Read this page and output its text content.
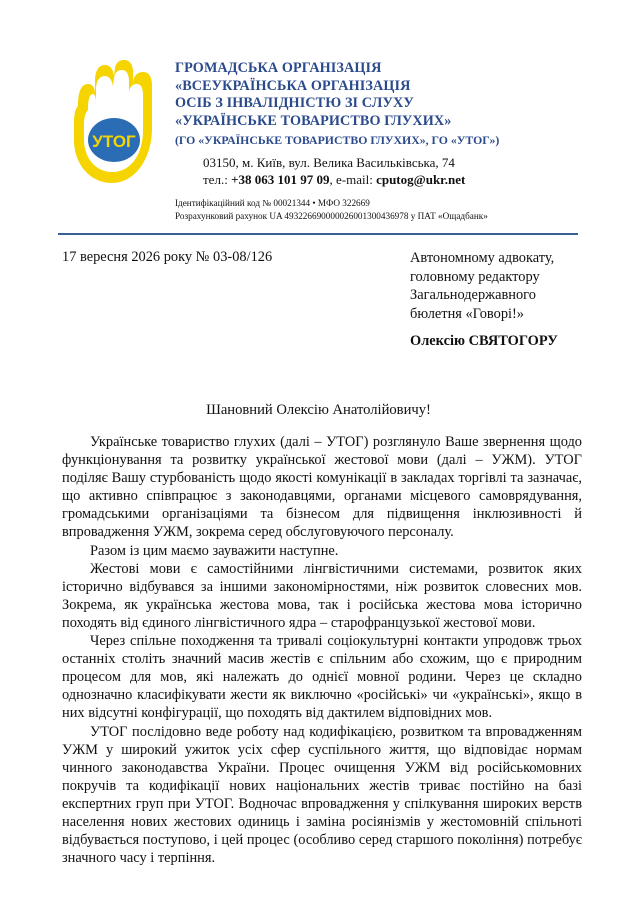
УТОГ
ГРОМАДСЬКА ОРГАНІЗАЦІЯ
«ВСЕУКРАЇНСЬКА ОРГАНІЗАЦІЯ
ОСІБ З ІНВАЛІДНІСТЮ ЗІ СЛУХУ
«УКРАЇНСЬКЕ ТОВАРИСТВО ГЛУХИХ»
(ГО «УКРАЇНСЬКЕ ТОВАРИСТВО ГЛУХИХ», ГО «УТОГ»)
03150, м. Київ, вул. Велика Васильківська, 74
тел.: +38 063 101 97 09, e-mail: cputog@ukr.net
Ідентифікаційний код № 00021344 • МФО 322669
Розрахунковий рахунок UA 493226690000026001300436978 у ПАТ «Ощадбанк»
17 вересня 2026 року № 03-08/126	Автономному адвокату,
головному редактору
Загальнодержавного
бюлетня «Говорі!»
Олексію СВЯТОГОРУ
Шановний Олексію Анатолійовичу!

Українське товариство глухих (далі – УТОГ) розглянуло Ваше звернення щодо функціонування та розвитку української жестової мови (далі – УЖМ). УТОГ поділяє Вашу стурбованість щодо якості комунікації в закладах торгівлі та зазначає, що активно співпрацює з законодавцями, органами місцевого самоврядування, громадськими організаціями та бізнесом для підвищення інклюзивності й впровадження УЖМ, зокрема серед обслуговуючого персоналу.

Разом із цим маємо зауважити наступне.

Жестові мови є самостійними лінгвістичними системами, розвиток яких історично відбувався за іншими закономірностями, ніж розвиток словесних мов. Зокрема, як українська жестова мова, так і російська жестова мова історично походять від єдиного лінгвістичного ядра – старофранцузької жестової мови.

Через спільне походження та тривалі соціокультурні контакти упродовж трьох останніх століть значний масив жестів є спільним або схожим, що є природним процесом для мов, які належать до однієї мовної родини. Через це складно однозначно класифікувати жести як виключно «російські» чи «українські», якщо в них відсутні конфігурації, що походять від дактилем відповідних мов.

УТОГ послідовно веде роботу над кодифікацією, розвитком та впровадженням УЖМ у широкий ужиток усіх сфер суспільного життя, що відповідає нормам чинного законодавства України. Процес очищення УЖМ від російськомовних покручів та кодифікації нових національних жестів триває постійно на базі експертних груп при УТОГ. Водночас впровадження у спілкування широких верств населення нових жестових одиниць і заміна росіянізмів у жестомовній спільноті відбувається поступово, і цей процес (особливо серед старшого покоління) потребує значного часу і терпіння.
